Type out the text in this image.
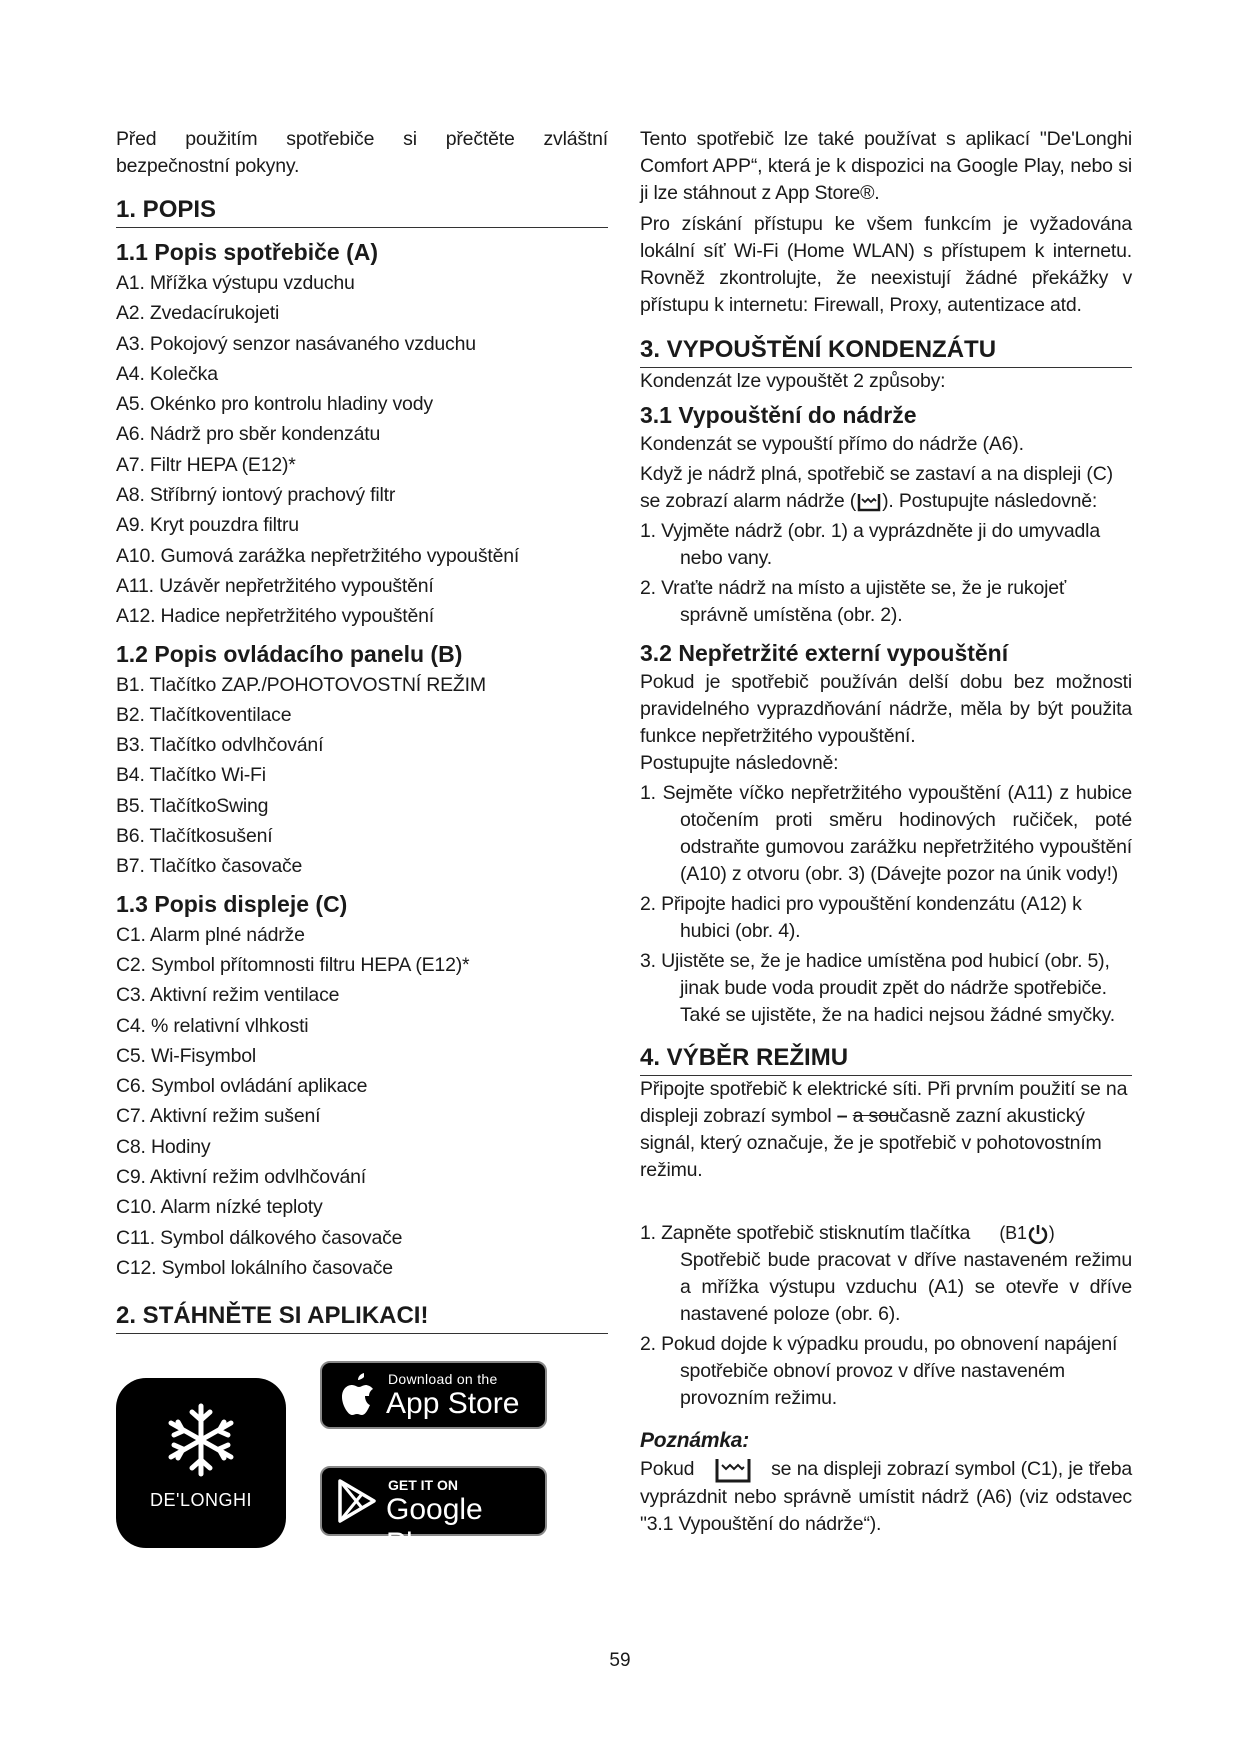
Před použitím spotřebiče si přečtěte zvláštní bezpečnostní pokyny.

1. POPIS
1.1 Popis spotřebiče (A)
A1. Mřížka výstupu vzduchu
A2. Zvedacírukojeti
A3. Pokojový senzor nasávaného vzduchu
A4. Kolečka
A5. Okénko pro kontrolu hladiny vody
A6. Nádrž pro sběr kondenzátu
A7. Filtr HEPA (E12)*
A8. Stříbrný iontový prachový filtr
A9. Kryt pouzdra filtru
A10. Gumová zarážka nepřetržitého vypouštění
A11. Uzávěr nepřetržitého vypouštění
A12. Hadice nepřetržitého vypouštění
1.2 Popis ovládacího panelu (B)
B1. Tlačítko ZAP./POHOTOVOSTNÍ REŽIM
B2. Tlačítkoventilace
B3. Tlačítko odvlhčování
B4. Tlačítko Wi-Fi
B5. TlačítkoSwing
B6. Tlačítkosušení
B7. Tlačítko časovače
1.3 Popis displeje (C)
C1. Alarm plné nádrže
C2. Symbol přítomnosti filtru HEPA (E12)*
C3. Aktivní režim ventilace
C4. % relativní vlhkosti
C5. Wi-Fisymbol
C6. Symbol ovládání aplikace
C7. Aktivní režim sušení
C8. Hodiny
C9. Aktivní režim odvlhčování
C10. Alarm nízké teploty
C11. Symbol dálkového časovače
C12. Symbol lokálního časovače
2. STÁHNĚTE SI APLIKACI!
DE'LONGHI
Download on the
App Store
GET IT ON
Google Play

Tento spotřebič lze také používat s aplikací "De'Longhi Comfort APP“, která je k dispozici na Google Play, nebo si ji lze stáhnout z App Store®.

Pro získání přístupu ke všem funkcím je vyžadována lokální síť Wi-Fi (Home WLAN) s přístupem k internetu. Rovněž zkontrolujte, že neexistují žádné překážky v přístupu k internetu: Firewall, Proxy, autentizace atd.

3. VYPOUŠTĚNÍ KONDENZÁTU

Kondenzát lze vypouštět 2 způsoby:

3.1 Vypouštění do nádrže

Kondenzát se vypouští přímo do nádrže (A6).

Když je nádrž plná, spotřebič se zastaví a na displeji (C) se zobrazí alarm nádrže ( ). Postupujte následovně:

1. Vyjměte nádrž (obr. 1) a vyprázdněte ji do umyvadla nebo vany.
2. Vraťte nádrž na místo a ujistěte se, že je rukojeť správně umístěna (obr. 2).
3.2 Nepřetržité externí vypouštění

Pokud je spotřebič používán delší dobu bez možnosti pravidelného vyprazdňování nádrže, měla by být použita funkce nepřetržitého vypouštění.

Postupujte následovně:

1. Sejměte víčko nepřetržitého vypouštění (A11) z hubice otočením proti směru hodinových ručiček, poté odstraňte gumovou zarážku nepřetržitého vypouštění (A10) z otvoru (obr. 3) (Dávejte pozor na únik vody!)
2. Připojte hadici pro vypouštění kondenzátu (A12) k hubici (obr. 4).
3. Ujistěte se, že je hadice umístěna pod hubicí (obr. 5), jinak bude voda proudit zpět do nádrže spotřebiče.

Také se ujistěte, že na hadici nejsou žádné smyčky.

4. VÝBĚR REŽIMU

Připojte spotřebič k elektrické síti. Při prvním použití se na displeji zobrazí symbol – a současně zazní akustický signál, který označuje, že je spotřebič v pohotovostním režimu.

1. Zapněte spotřebič stisknutím tlačítka (B1 )

Spotřebič bude pracovat v dříve nastaveném režimu a mřížka výstupu vzduchu (A1) se otevře v dříve nastavené poloze (obr. 6).
2. Pokud dojde k výpadku proudu, po obnovení napájení spotřebiče obnoví provoz v dříve nastaveném provozním režimu.
Poznámka:

Pokud	se na displeji zobrazí symbol (C1), je třeba vyprázdnit nebo správně umístit nádrž (A6) (viz odstavec "3.1 Vypouštění do nádrže“).

59
